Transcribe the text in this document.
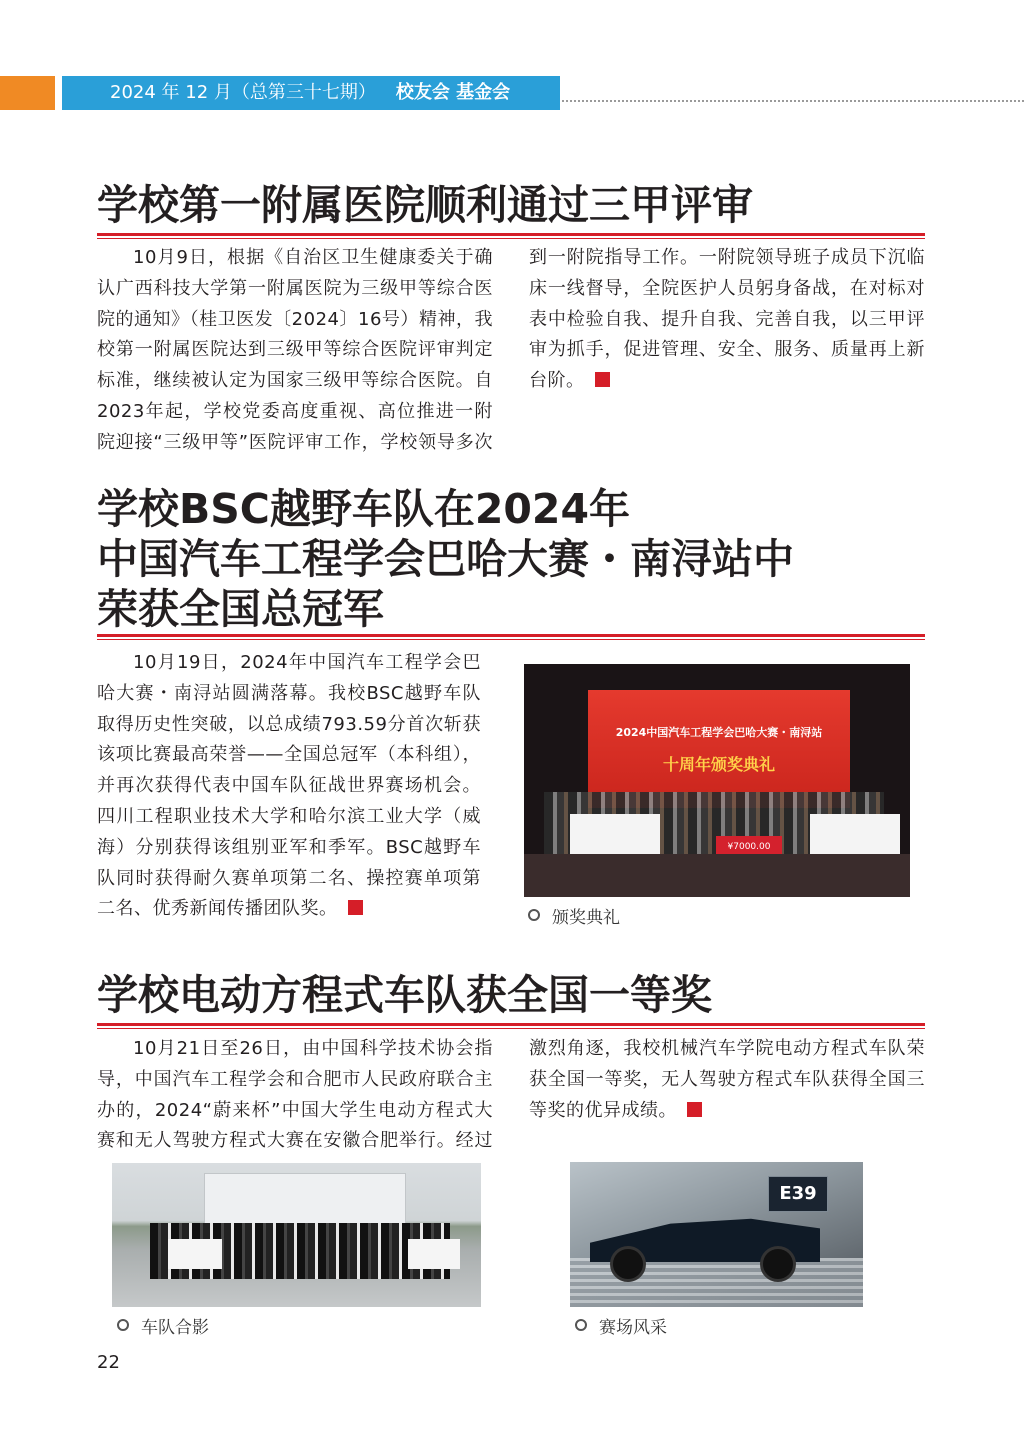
2024 年 12 月（总第三十七期） 校友会 基金会
学校第一附属医院顺利通过三甲评审

10月9日，根据《自治区卫生健康委关于确认广西科技大学第一附属医院为三级甲等综合医院的通知》（桂卫医发〔2024〕16号）精神，我校第一附属医院达到三级甲等综合医院评审判定标准，继续被认定为国家三级甲等综合医院。自2023年起，学校党委高度重视、高位推进一附院迎接“三级甲等”医院评审工作，学校领导多次到一附院指导工作。一附院领导班子成员下沉临床一线督导，全院医护人员躬身备战，在对标对表中检验自我、提升自我、完善自我，以三甲评审为抓手，促进管理、安全、服务、质量再上新台阶。

学校BSC越野车队在2024年
中国汽车工程学会巴哈大赛・南浔站中
荣获全国总冠军

10月19日，2024年中国汽车工程学会巴哈大赛・南浔站圆满落幕。我校BSC越野车队取得历史性突破，以总成绩793.59分首次斩获该项比赛最高荣誉——全国总冠军（本科组），并再次获得代表中国车队征战世界赛场机会。四川工程职业技术大学和哈尔滨工业大学（威海）分别获得该组别亚军和季军。BSC越野车队同时获得耐久赛单项第二名、操控赛单项第二名、优秀新闻传播团队奖。

2024中国汽车工程学会巴哈大赛・南浔站
十周年颁奖典礼
¥7000.00
颁奖典礼
学校电动方程式车队获全国一等奖

10月21日至26日，由中国科学技术协会指导，中国汽车工程学会和合肥市人民政府联合主办的，2024“蔚来杯”中国大学生电动方程式大赛和无人驾驶方程式大赛在安徽合肥举行。经过激烈角逐，我校机械汽车学院电动方程式车队荣获全国一等奖，无人驾驶方程式车队获得全国三等奖的优异成绩。

车队合影
E39
赛场风采
22
